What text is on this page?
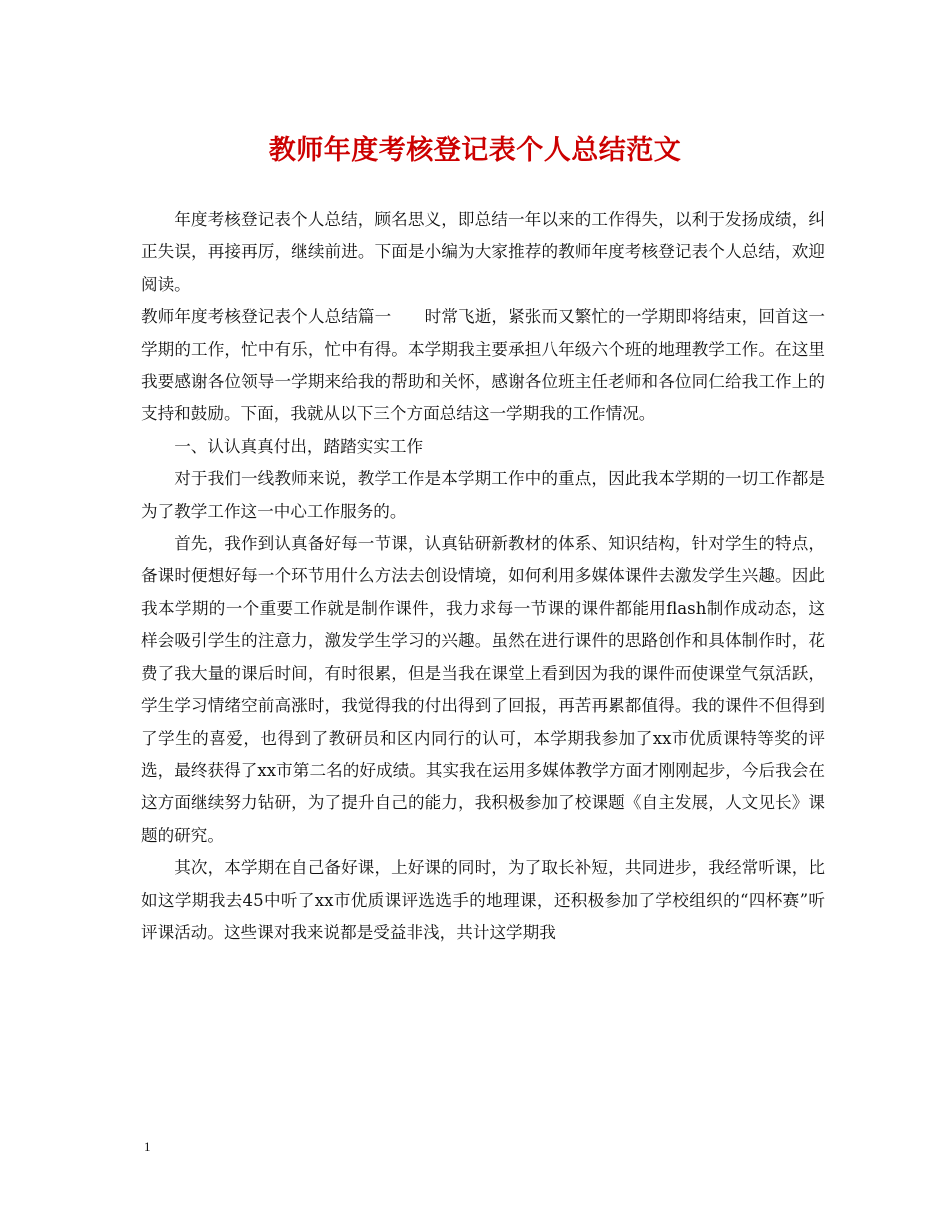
教师年度考核登记表个人总结范文

年度考核登记表个人总结，顾名思义，即总结一年以来的工作得失，以利于发扬成绩，纠正失误，再接再厉，继续前进。下面是小编为大家推荐的教师年度考核登记表个人总结，欢迎阅读。

教师年度考核登记表个人总结篇一　　时常飞逝，紧张而又繁忙的一学期即将结束，回首这一学期的工作，忙中有乐，忙中有得。本学期我主要承担八年级六个班的地理教学工作。在这里我要感谢各位领导一学期来给我的帮助和关怀，感谢各位班主任老师和各位同仁给我工作上的支持和鼓励。下面，我就从以下三个方面总结这一学期我的工作情况。

一、认认真真付出，踏踏实实工作

对于我们一线教师来说，教学工作是本学期工作中的重点，因此我本学期的一切工作都是为了教学工作这一中心工作服务的。

首先，我作到认真备好每一节课，认真钻研新教材的体系、知识结构，针对学生的特点，备课时便想好每一个环节用什么方法去创设情境，如何利用多媒体课件去激发学生兴趣。因此我本学期的一个重要工作就是制作课件，我力求每一节课的课件都能用flash制作成动态，这样会吸引学生的注意力，激发学生学习的兴趣。虽然在进行课件的思路创作和具体制作时，花费了我大量的课后时间，有时很累，但是当我在课堂上看到因为我的课件而使课堂气氛活跃，学生学习情绪空前高涨时，我觉得我的付出得到了回报，再苦再累都值得。我的课件不但得到了学生的喜爱，也得到了教研员和区内同行的认可，本学期我参加了xx市优质课特等奖的评选，最终获得了xx市第二名的好成绩。其实我在运用多媒体教学方面才刚刚起步，今后我会在这方面继续努力钻研，为了提升自己的能力，我积极参加了校课题《自主发展，人文见长》课题的研究。

其次，本学期在自己备好课，上好课的同时，为了取长补短，共同进步，我经常听课，比如这学期我去45中听了xx市优质课评选选手的地理课，还积极参加了学校组织的“四杯赛”听评课活动。这些课对我来说都是受益非浅，共计这学期我

1
